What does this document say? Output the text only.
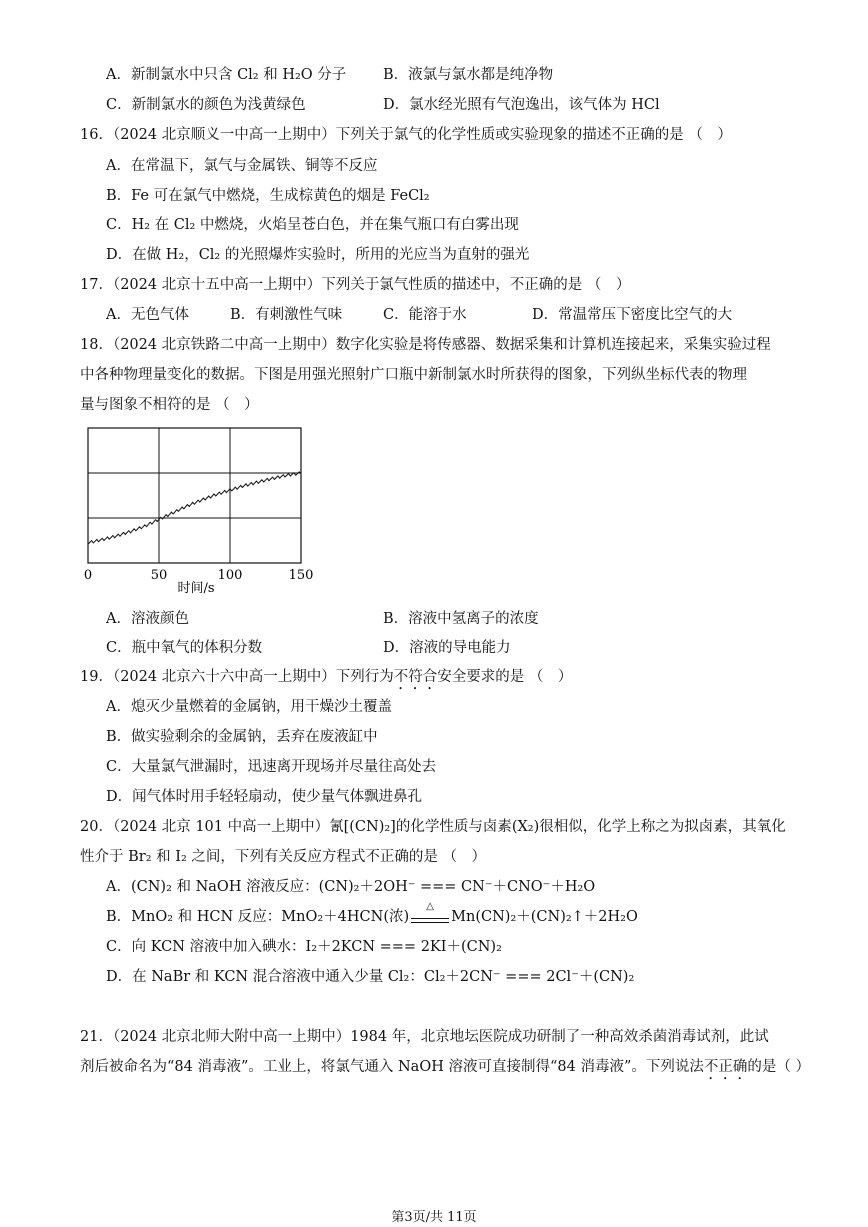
A．新制氯水中只含 Cl₂ 和 H₂O 分子	B．液氯与氯水都是纯净物
C．新制氯水的颜色为浅黄绿色	D．氯水经光照有气泡逸出，该气体为 HCl
16．（2024 北京顺义一中高一上期中）下列关于氯气的化学性质或实验现象的描述不正确的是 （　）
A．在常温下，氯气与金属铁、铜等不反应
B．Fe 可在氯气中燃烧，生成棕黄色的烟是 FeCl₂
C．H₂ 在 Cl₂ 中燃烧，火焰呈苍白色，并在集气瓶口有白雾出现
D．在做 H₂，Cl₂ 的光照爆炸实验时，所用的光应当为直射的强光
17．（2024 北京十五中高一上期中）下列关于氯气性质的描述中，不正确的是 （　）
A．无色气体	B．有刺激性气味	C．能溶于水	D．常温常压下密度比空气的大
18．（2024 北京铁路二中高一上期中）数字化实验是将传感器、数据采集和计算机连接起来，采集实验过程
中各种物理量变化的数据。下图是用强光照射广口瓶中新制氯水时所获得的图象，下列纵坐标代表的物理
量与图象不相符的是 （　）
0	50	100	150
时间/s
A．溶液颜色	B．溶液中氢离子的浓度
C．瓶中氧气的体积分数	D．溶液的导电能力
19．（2024 北京六十六中高一上期中）下列行为不符合安全要求的是 （　）
A．熄灭少量燃着的金属钠，用干燥沙土覆盖
B．做实验剩余的金属钠，丢弃在废液缸中
C．大量氯气泄漏时，迅速离开现场并尽量往高处去
D．闻气体时用手轻轻扇动，使少量气体飘进鼻孔
20．（2024 北京 101 中高一上期中）氰[(CN)₂]的化学性质与卤素(X₂)很相似，化学上称之为拟卤素，其氧化
性介于 Br₂ 和 I₂ 之间，下列有关反应方程式不正确的是 （　）
A．(CN)₂ 和 NaOH 溶液反应：(CN)₂＋2OH⁻ === CN⁻＋CNO⁻＋H₂O
B．MnO₂ 和 HCN 反应：MnO₂＋4HCN(浓)
△
Mn(CN)₂＋(CN)₂↑＋2H₂O
C．向 KCN 溶液中加入碘水：I₂＋2KCN === 2KI＋(CN)₂
D．在 NaBr 和 KCN 混合溶液中通入少量 Cl₂：Cl₂＋2CN⁻ === 2Cl⁻＋(CN)₂
21．（2024 北京北师大附中高一上期中）1984 年，北京地坛医院成功研制了一种高效杀菌消毒试剂，此试
剂后被命名为“84 消毒液”。工业上，将氯气通入 NaOH 溶液可直接制得“84 消毒液”。下列说法不正确的是（ ）
第3页/共 11页
